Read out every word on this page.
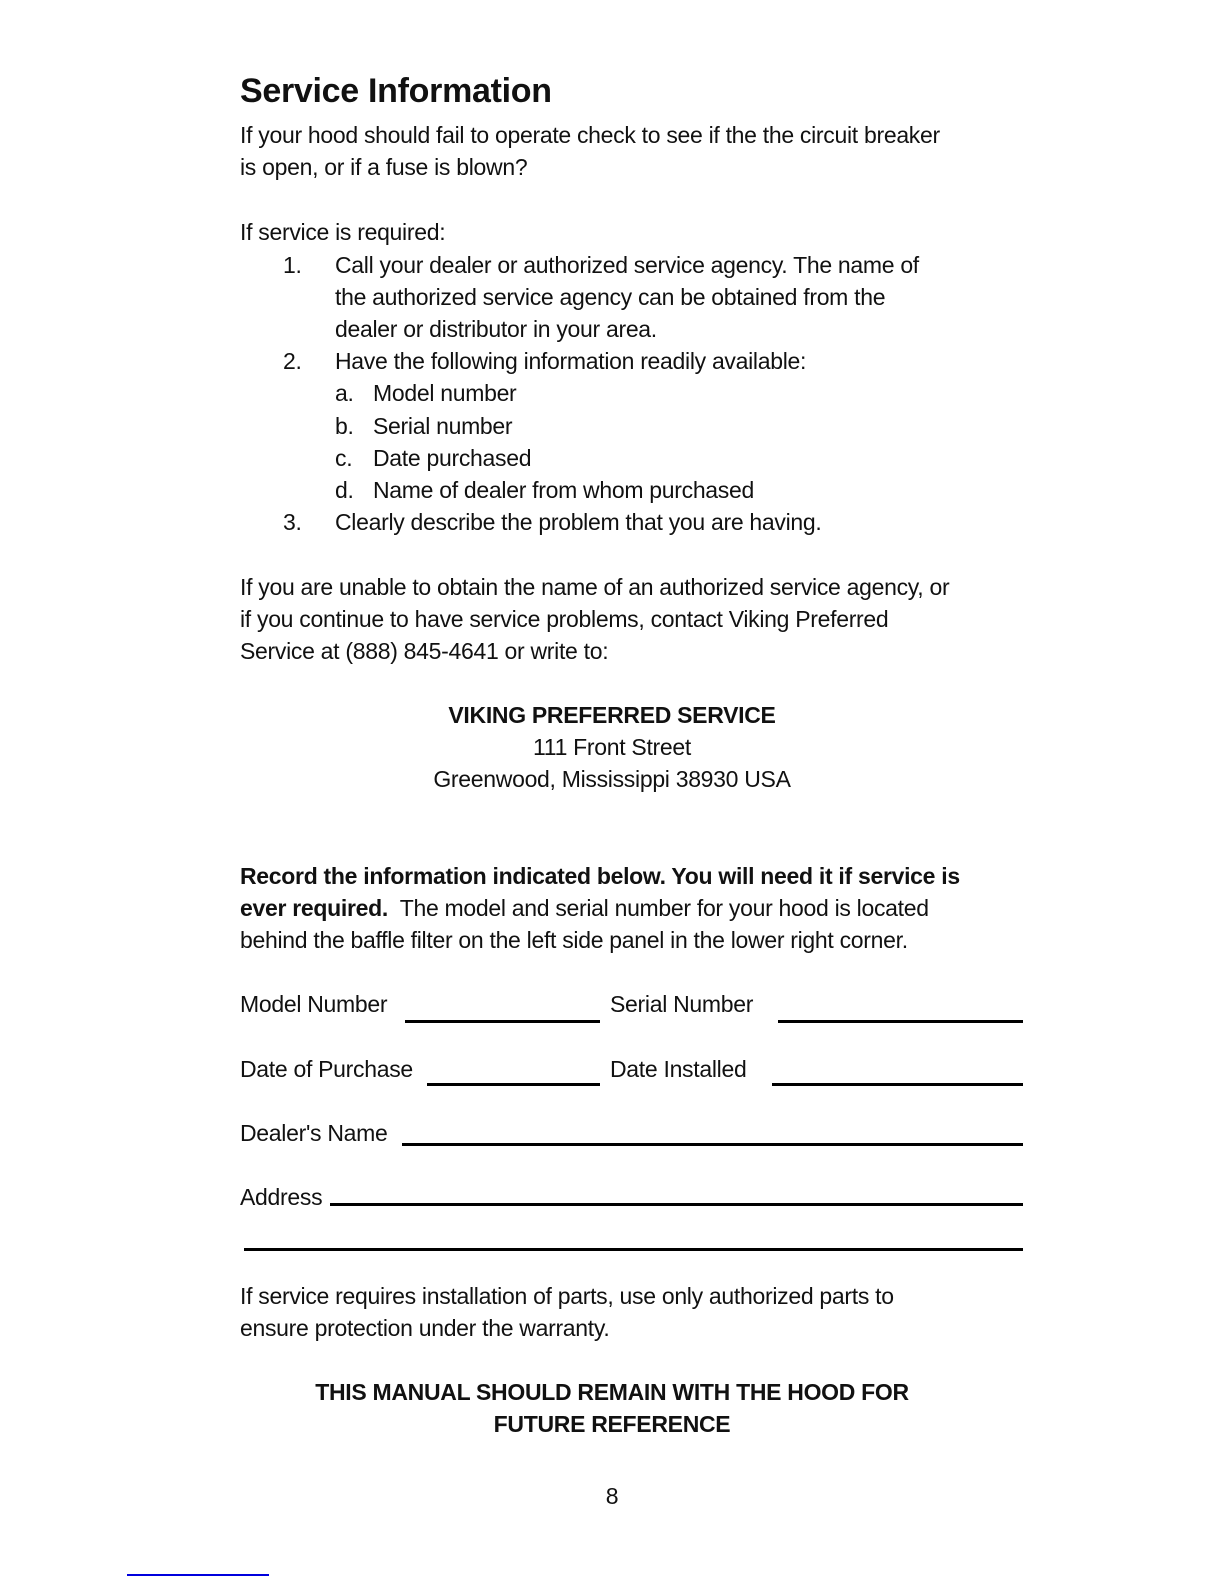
Service Information
If your hood should fail to operate check to see if the the circuit breaker
is open, or if a fuse is blown?
If service is required:
1. Call your dealer or authorized service agency. The name of
the authorized service agency can be obtained from the
dealer or distributor in your area.
2. Have the following information readily available:
a. Model number
b. Serial number
c. Date purchased
d. Name of dealer from whom purchased
3. Clearly describe the problem that you are having.
If you are unable to obtain the name of an authorized service agency, or
if you continue to have service problems, contact Viking Preferred
Service at (888) 845-4641 or write to:
VIKING PREFERRED SERVICE
111 Front Street
Greenwood, Mississippi 38930 USA
Record the information indicated below. You will need it if service is
ever required.  The model and serial number for your hood is located
behind the baffle filter on the left side panel in the lower right corner.
Model Number	Serial Number
Date of Purchase	Date Installed
Dealer's Name
Address
If service requires installation of parts, use only authorized parts to
ensure protection under the warranty.
THIS MANUAL SHOULD REMAIN WITH THE HOOD FOR
FUTURE REFERENCE
8
